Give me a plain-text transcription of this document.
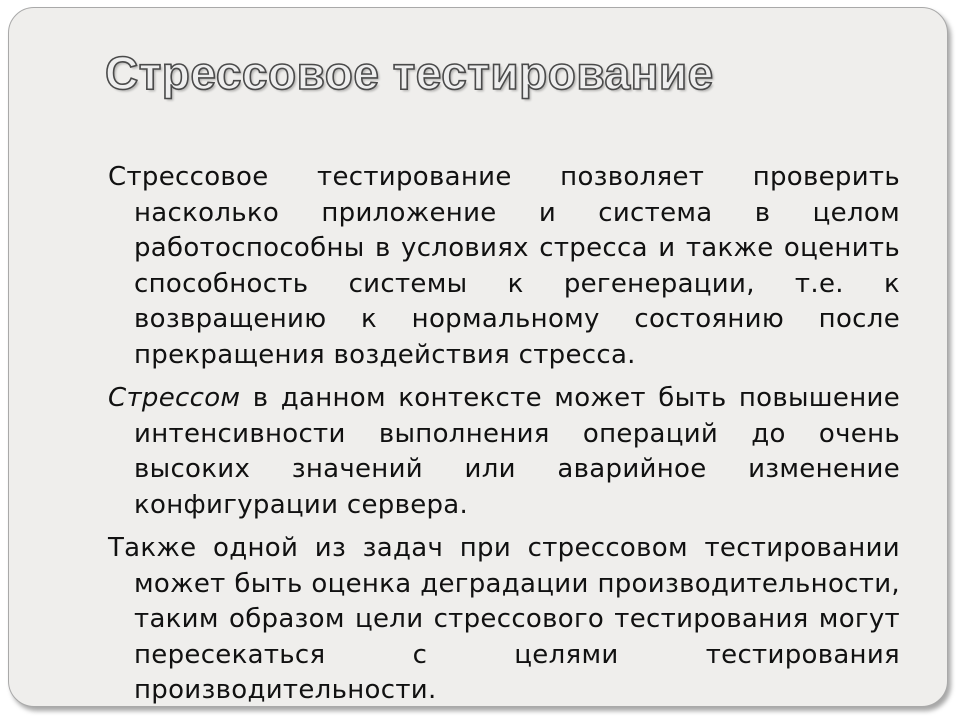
Стрессовое тестирование

Стрессовое тестирование позволяет проверить насколько приложение и система в целом работоспособны в условиях стресса и также оценить способность системы к регенерации, т.е. к возвращению к нормальному состоянию после прекращения воздействия стресса.

Стрессом в данном контексте может быть повышение интенсивности выполнения операций до очень высоких значений или аварийное изменение конфигурации сервера.

Также одной из задач при стрессовом тестировании может быть оценка деградации производительности, таким образом цели стрессового тестирования могут пересекаться с целями тестирования производительности.
